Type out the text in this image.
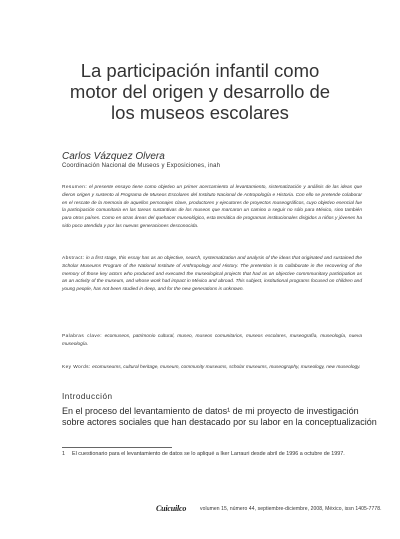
La participación infantil como
motor del origen y desarrollo de
los museos escolares
Carlos Vázquez Olvera
Coordinación Nacional de Museos y Exposiciones, inah
Resumen: el presente ensayo tiene como objetivo un primer acercamiento al levantamiento, sistematización y análisis de las ideas que dieron origen y sustento al Programa de Museos Escolares del Instituto Nacional de Antropología e Historia. Con ello se pretende colaborar en el rescate de la memoria de aquellos personajes clave, productores y ejecutores de proyectos museográficos, cuyo objetivo esencial fue la participación comunitaria en las tareas sustantivas de los museos que marcaron un camino a seguir no sólo para México, sino también para otros países. Como en otras áreas del quehacer museológico, esta temática de programas institucionales dirigidos a niños y jóvenes ha sido poco atendida y por las nuevas generaciones desconocida.
Abstract: in a first stage, this essay has as an objective, search, systematization and analysis of the ideas that originated and sustained the Scholar Museums Program of the National Institute of Anthropology and History. The pretention is to collaborate in the recovering of the memory of those key actors who produced and executed the museological projects that had as an objective commmunitary participation as an an activity of the museum, and whose work had impact in México and abroad. This subject, institutional programs focused on children and young people, has not been studied in deep, and for the new generations is unknown.
Palabras clave: ecomuseos, patrimonio cultural, museo, museos comunitarios, museos escolares, museografía, museología, nueva museología.
Key Words: ecomuseums, cultural heritage, museum, community museums, scholar museums, museography, museology, new museology.
Introducción
En el proceso del levantamiento de datos¹ de mi proyecto de investigación
sobre actores sociales que han destacado por su labor en la conceptualización
1 El cuestionario para el levantamiento de datos se lo apliqué a Iker Larrauri desde abril de 1996 a octubre de 1997.
Cuicuilco	volumen 15, número 44, septiembre-diciembre, 2008, México, issn 1405-7778.
